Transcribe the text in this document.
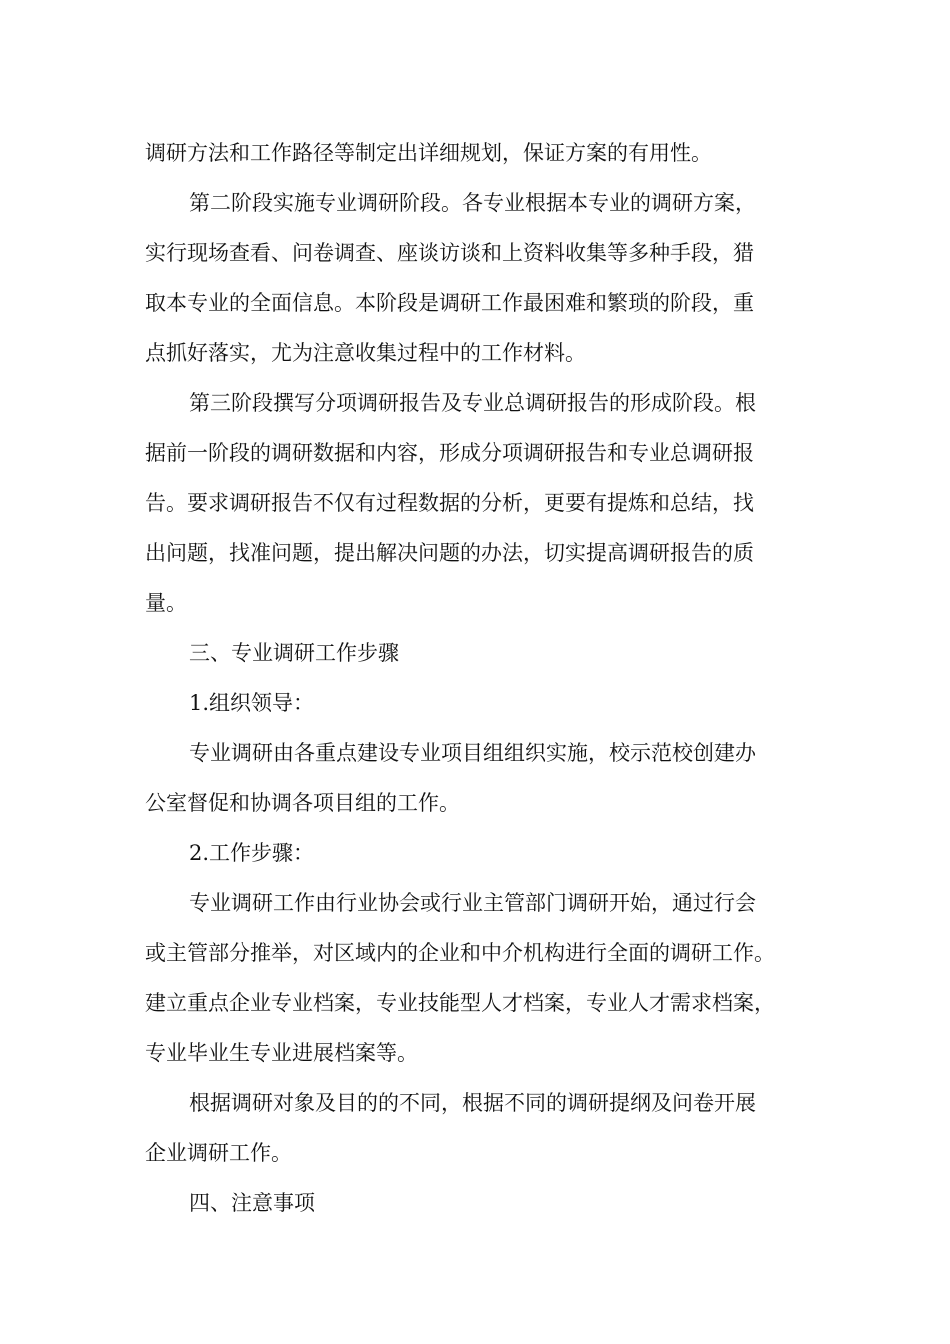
调研方法和工作路径等制定出详细规划，保证方案的有用性。
第二阶段实施专业调研阶段。各专业根据本专业的调研方案，
实行现场查看、问卷调查、座谈访谈和上资料收集等多种手段，猎
取本专业的全面信息。本阶段是调研工作最困难和繁琐的阶段，重
点抓好落实，尤为注意收集过程中的工作材料。
第三阶段撰写分项调研报告及专业总调研报告的形成阶段。根
据前一阶段的调研数据和内容，形成分项调研报告和专业总调研报
告。要求调研报告不仅有过程数据的分析，更要有提炼和总结，找
出问题，找准问题，提出解决问题的办法，切实提高调研报告的质
量。
三、专业调研工作步骤
1.组织领导：
专业调研由各重点建设专业项目组组织实施，校示范校创建办
公室督促和协调各项目组的工作。
2.工作步骤：
专业调研工作由行业协会或行业主管部门调研开始，通过行会
或主管部分推举，对区域内的企业和中介机构进行全面的调研工作。
建立重点企业专业档案，专业技能型人才档案，专业人才需求档案，
专业毕业生专业进展档案等。
根据调研对象及目的的不同，根据不同的调研提纲及问卷开展
企业调研工作。
四、注意事项
